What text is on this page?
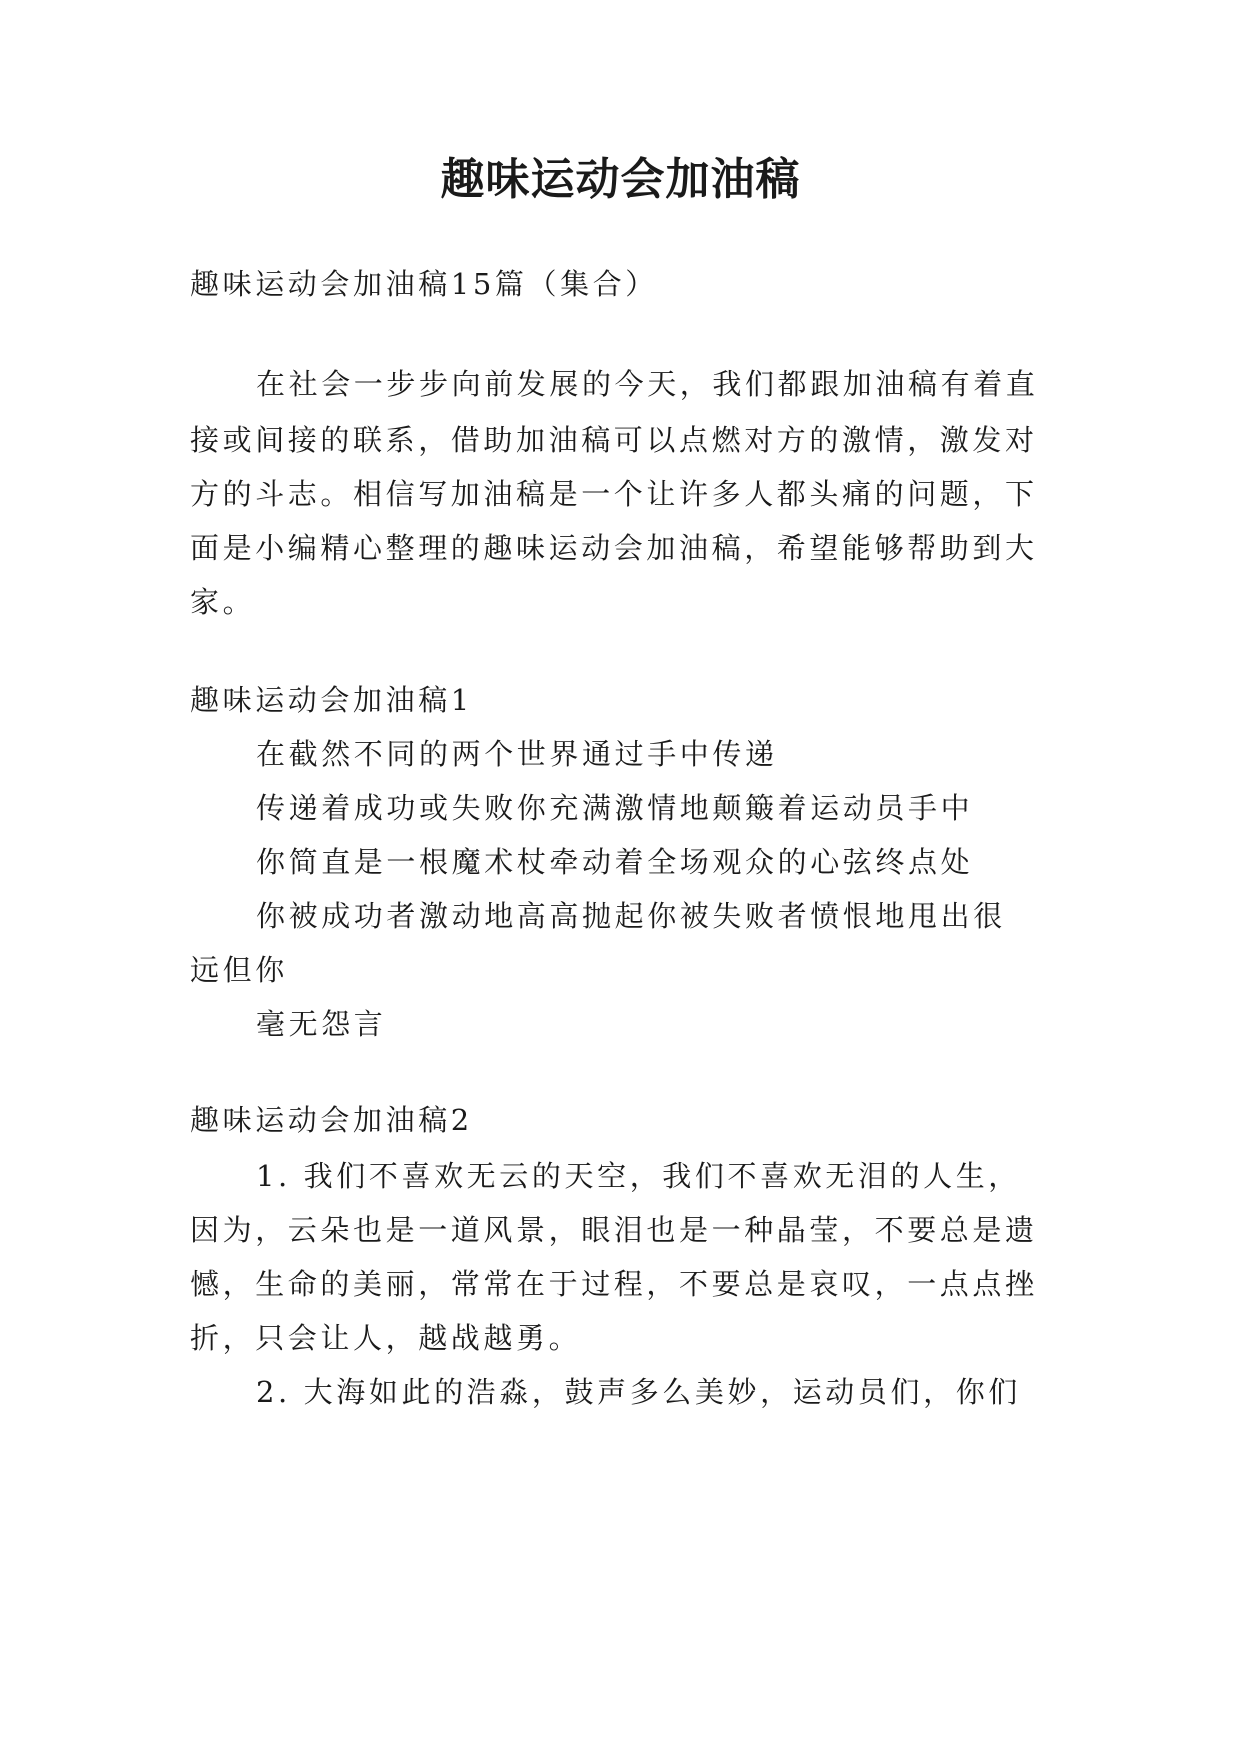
趣味运动会加油稿
趣味运动会加油稿15篇（集合）
在社会一步步向前发展的今天，我们都跟加油稿有着直
接或间接的联系，借助加油稿可以点燃对方的激情，激发对
方的斗志。相信写加油稿是一个让许多人都头痛的问题，下
面是小编精心整理的趣味运动会加油稿，希望能够帮助到大
家。
趣味运动会加油稿1
在截然不同的两个世界通过手中传递
传递着成功或失败你充满激情地颠簸着运动员手中
你简直是一根魔术杖牵动着全场观众的心弦终点处
你被成功者激动地高高抛起你被失败者愤恨地甩出很
远但你
毫无怨言
趣味运动会加油稿2
1. 我们不喜欢无云的天空，我们不喜欢无泪的人生，
因为，云朵也是一道风景，眼泪也是一种晶莹，不要总是遗
憾，生命的美丽，常常在于过程，不要总是哀叹，一点点挫
折，只会让人，越战越勇。
2. 大海如此的浩淼，鼓声多么美妙，运动员们，你们
